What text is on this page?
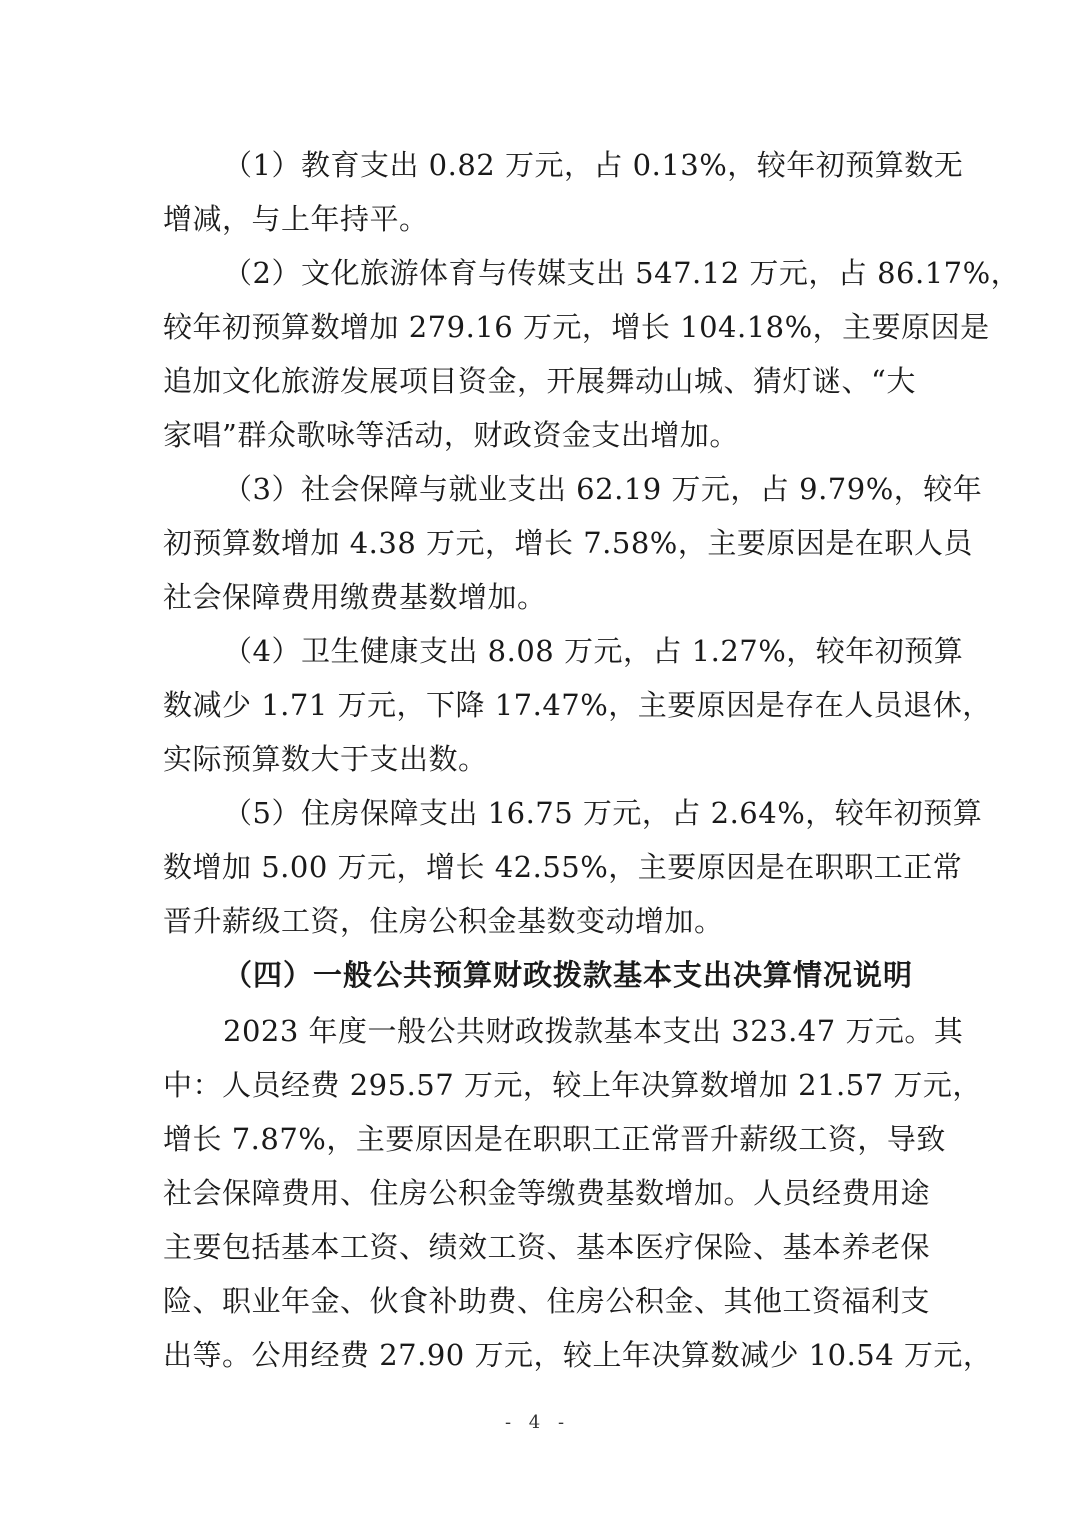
（1）教育支出 0.82 万元，占 0.13%，较年初预算数无
增减，与上年持平。
（2）文化旅游体育与传媒支出 547.12 万元，占 86.17%，
较年初预算数增加 279.16 万元，增长 104.18%，主要原因是
追加文化旅游发展项目资金，开展舞动山城、猜灯谜、“大
家唱”群众歌咏等活动，财政资金支出增加。
（3）社会保障与就业支出 62.19 万元，占 9.79%，较年
初预算数增加 4.38 万元，增长 7.58%，主要原因是在职人员
社会保障费用缴费基数增加。
（4）卫生健康支出 8.08 万元，占 1.27%，较年初预算
数减少 1.71 万元，下降 17.47%，主要原因是存在人员退休，
实际预算数大于支出数。
（5）住房保障支出 16.75 万元，占 2.64%，较年初预算
数增加 5.00 万元，增长 42.55%，主要原因是在职职工正常
晋升薪级工资，住房公积金基数变动增加。
（四）一般公共预算财政拨款基本支出决算情况说明
2023 年度一般公共财政拨款基本支出 323.47 万元。其
中：人员经费 295.57 万元，较上年决算数增加 21.57 万元，
增长 7.87%，主要原因是在职职工正常晋升薪级工资，导致
社会保障费用、住房公积金等缴费基数增加。人员经费用途
主要包括基本工资、绩效工资、基本医疗保险、基本养老保
险、职业年金、伙食补助费、住房公积金、其他工资福利支
出等。公用经费 27.90 万元，较上年决算数减少 10.54 万元，
- 4 -
